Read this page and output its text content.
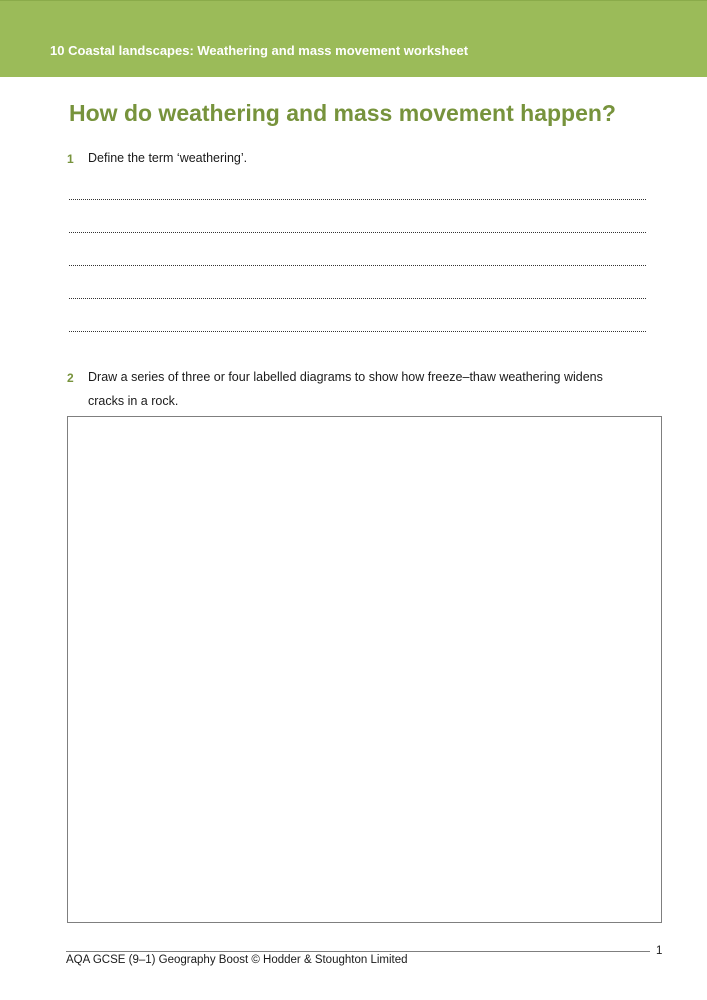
10 Coastal landscapes: Weathering and mass movement worksheet
How do weathering and mass movement happen?
1 Define the term ‘weathering’.
2 Draw a series of three or four labelled diagrams to show how freeze–thaw weathering widens
cracks in a rock.
AQA GCSE (9–1) Geography Boost © Hodder & Stoughton Limited
1
